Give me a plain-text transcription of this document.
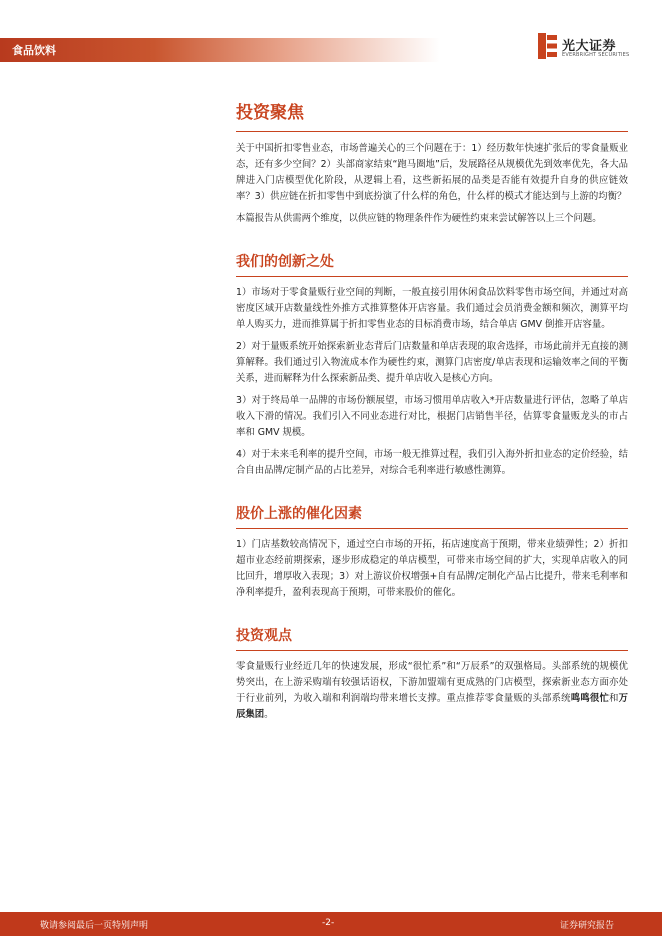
食品饮料	光大证券
EVERBRIGHT SECURITIES
投资聚焦

关于中国折扣零售业态，市场普遍关心的三个问题在于：1）经历数年快速扩张后的零食量贩业态，还有多少空间？2）头部商家结束“跑马圈地”后，发展路径从规模优先到效率优先，各大品牌进入门店模型优化阶段，从逻辑上看，这些新拓展的品类是否能有效提升自身的供应链效率？3）供应链在折扣零售中到底扮演了什么样的角色，什么样的模式才能达到与上游的均衡？

本篇报告从供需两个维度，以供应链的物理条件作为硬性约束来尝试解答以上三个问题。

我们的创新之处

1）市场对于零食量贩行业空间的判断，一般直接引用休闲食品饮料零售市场空间，并通过对高密度区域开店数量线性外推方式推算整体开店容量。我们通过会员消费金额和频次，测算平均单人购买力，进而推算属于折扣零售业态的目标消费市场，结合单店 GMV 倒推开店容量。

2）对于量贩系统开始探索新业态背后门店数量和单店表现的取舍选择，市场此前并无直接的测算解释。我们通过引入物流成本作为硬性约束，测算门店密度/单店表现和运输效率之间的平衡关系，进而解释为什么探索新品类、提升单店收入是核心方向。

3）对于终局单一品牌的市场份额展望，市场习惯用单店收入*开店数量进行评估，忽略了单店收入下滑的情况。我们引入不同业态进行对比，根据门店销售半径，估算零食量贩龙头的市占率和 GMV 规模。

4）对于未来毛利率的提升空间，市场一般无推算过程，我们引入海外折扣业态的定价经验，结合自由品牌/定制产品的占比差异，对综合毛利率进行敏感性测算。

股价上涨的催化因素

1）门店基数较高情况下，通过空白市场的开拓，拓店速度高于预期，带来业绩弹性；2）折扣超市业态经前期探索，逐步形成稳定的单店模型，可带来市场空间的扩大，实现单店收入的同比回升，增厚收入表现；3）对上游议价权增强+自有品牌/定制化产品占比提升，带来毛利率和净利率提升，盈利表现高于预期，可带来股价的催化。

投资观点

零食量贩行业经近几年的快速发展，形成“很忙系”和“万辰系”的双强格局。头部系统的规模优势突出，在上游采购端有较强话语权，下游加盟端有更成熟的门店模型，探索新业态方面亦处于行业前列，为收入端和利润端均带来增长支撑。重点推荐零食量贩的头部系统鸣鸣很忙和万辰集团。

敬请参阅最后一页特别声明	-2-	证券研究报告
